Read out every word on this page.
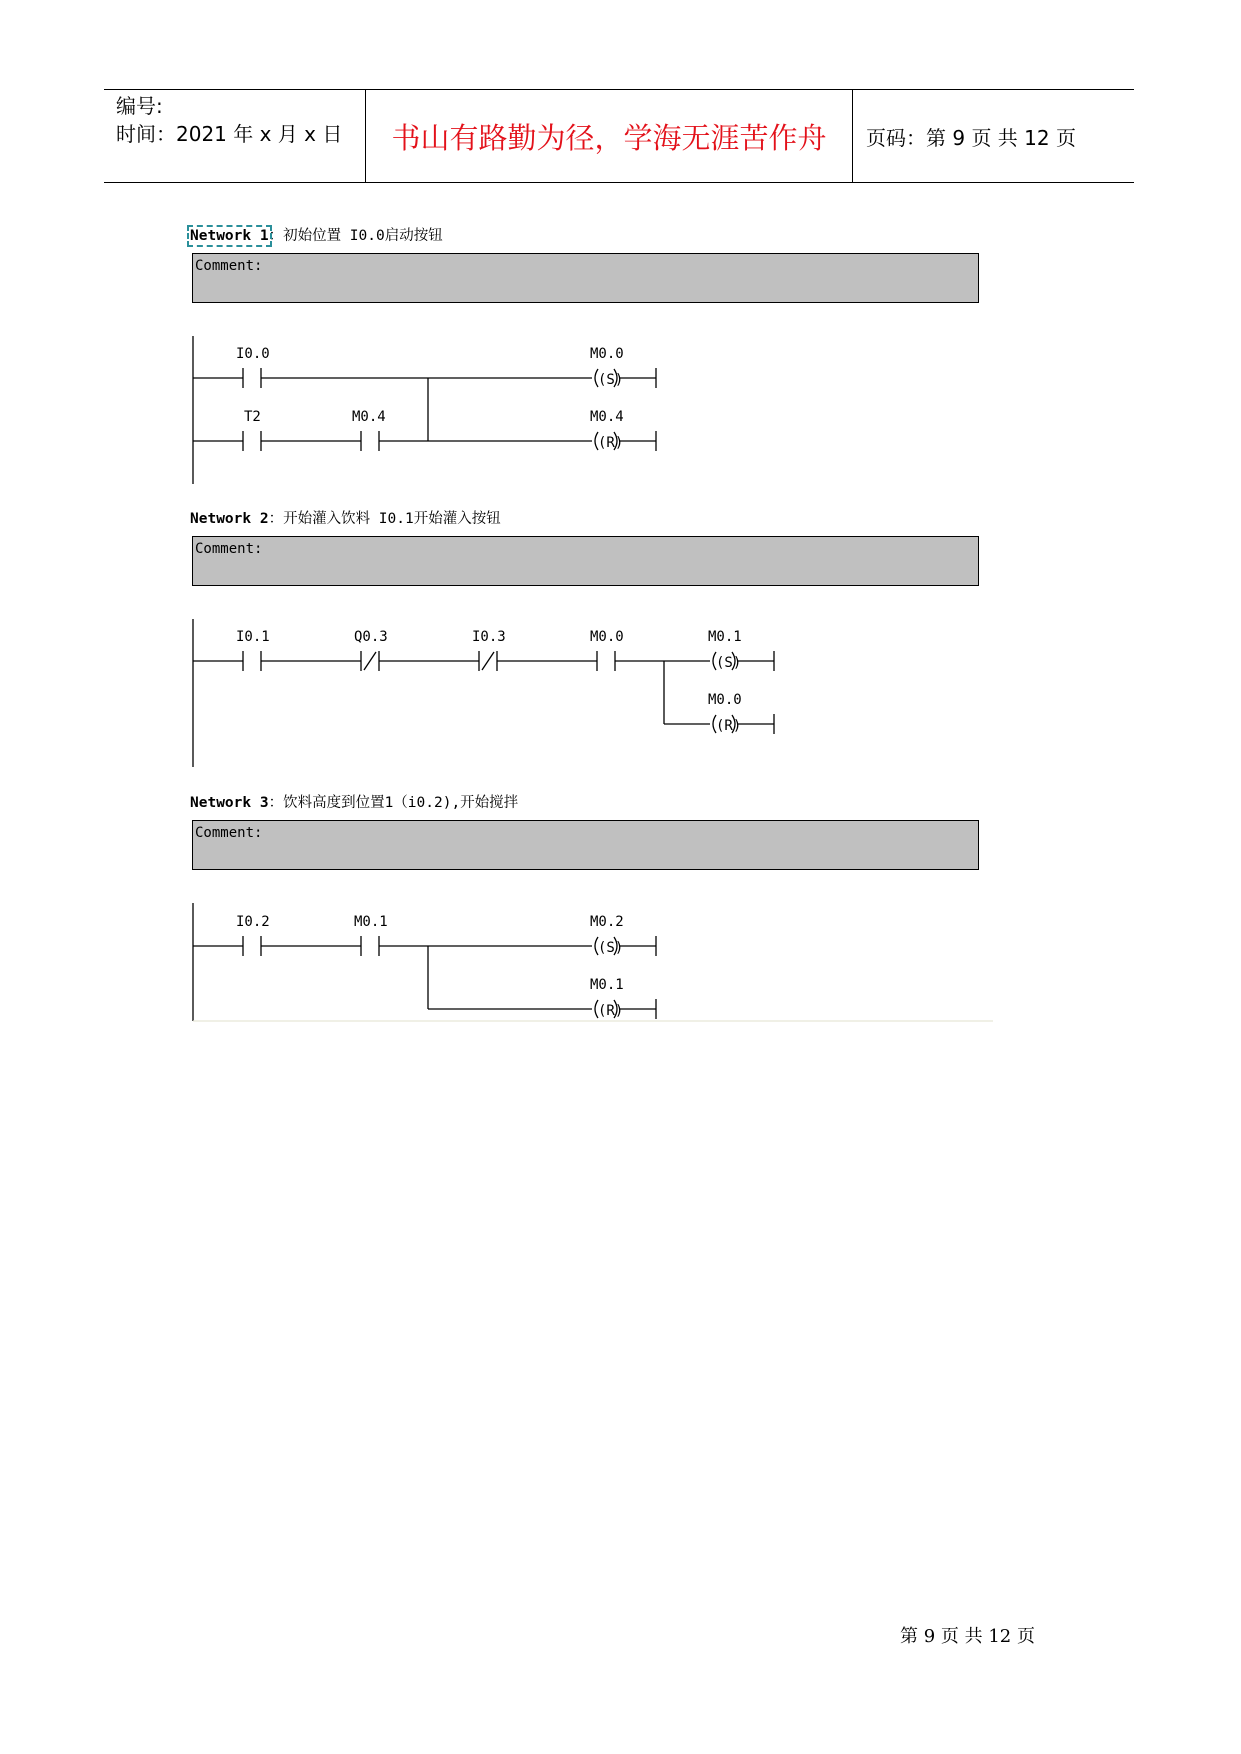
编号:
时间：2021 年 x 月 x 日 书山有路勤为径，学海无涯苦作舟 页码：第 9 页 共 12 页
Network 1：初始位置 I0.0启动按钮
Comment:
I0.0	M0.0
(S)
T2	M0.4	M0.4
(R)
Network 2：开始灌入饮料 I0.1开始灌入按钮
Comment:
I0.1	Q0.3	I0.3	M0.0	M0.1
(S)
M0.0
(R)
Network 3：饮料高度到位置1（i0.2),开始搅拌
Comment:
I0.2	M0.1	M0.2
(S)
M0.1
(R)
第 9 页 共 12 页
